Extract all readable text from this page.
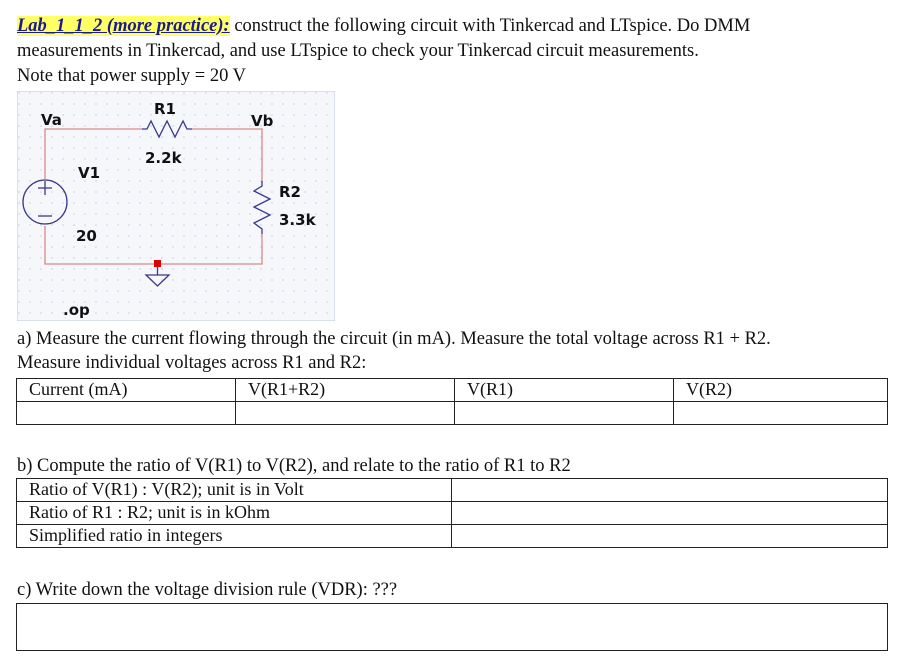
Lab_1_1_2 (more practice): construct the following circuit with Tinkercad and LTspice. Do DMM
measurements in Tinkercad, and use LTspice to check your Tinkercad circuit measurements.
Note that power supply = 20 V
Va
R1
2.2k
Vb
V1
20
R2
3.3k
.op
a) Measure the current flowing through the circuit (in mA). Measure the total voltage across R1 + R2.
Measure individual voltages across R1 and R2:
Current (mA)	V(R1+R2)	V(R1)	V(R2)

b) Compute the ratio of V(R1) to V(R2), and relate to the ratio of R1 to R2
Ratio of V(R1) : V(R2); unit is in Volt	
Ratio of R1 : R2; unit is in kOhm	
Simplified ratio in integers	
c) Write down the voltage division rule (VDR): ???
